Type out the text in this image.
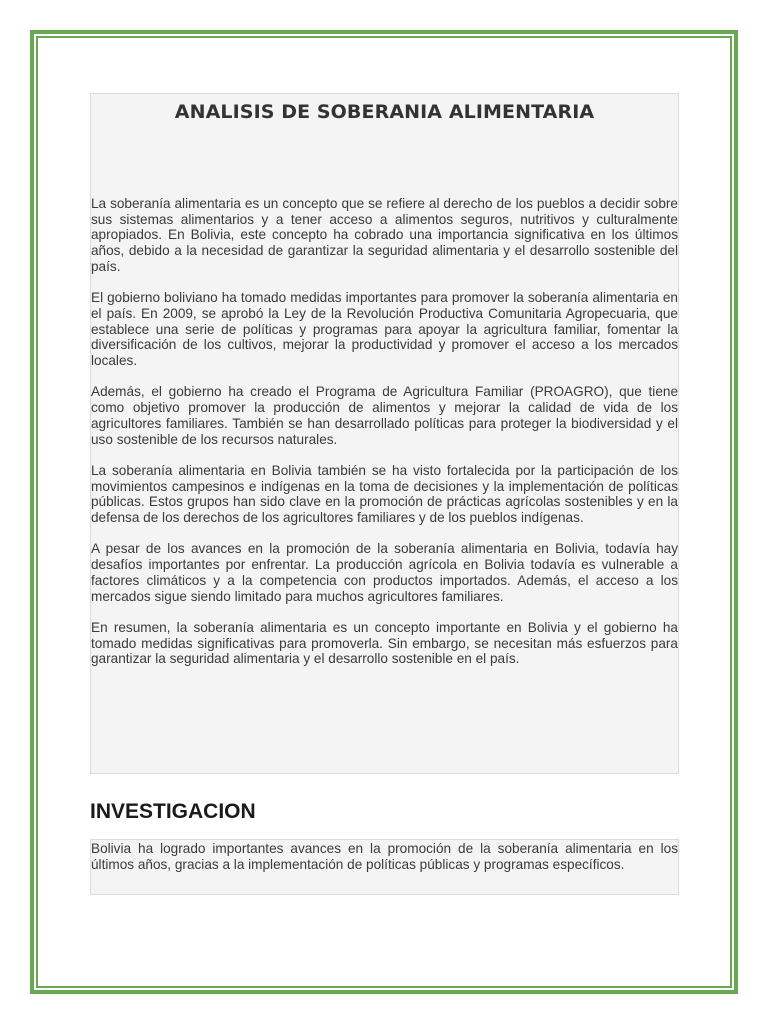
ANALISIS DE SOBERANIA ALIMENTARIA

La soberanía alimentaria es un concepto que se refiere al derecho de los pueblos a decidir sobre sus sistemas alimentarios y a tener acceso a alimentos seguros, nutritivos y culturalmente apropiados. En Bolivia, este concepto ha cobrado una importancia significativa en los últimos años, debido a la necesidad de garantizar la seguridad alimentaria y el desarrollo sostenible del país.

El gobierno boliviano ha tomado medidas importantes para promover la soberanía alimentaria en el país. En 2009, se aprobó la Ley de la Revolución Productiva Comunitaria Agropecuaria, que establece una serie de políticas y programas para apoyar la agricultura familiar, fomentar la diversificación de los cultivos, mejorar la productividad y promover el acceso a los mercados locales.

Además, el gobierno ha creado el Programa de Agricultura Familiar (PROAGRO), que tiene como objetivo promover la producción de alimentos y mejorar la calidad de vida de los agricultores familiares. También se han desarrollado políticas para proteger la biodiversidad y el uso sostenible de los recursos naturales.

La soberanía alimentaria en Bolivia también se ha visto fortalecida por la participación de los movimientos campesinos e indígenas en la toma de decisiones y la implementación de políticas públicas. Estos grupos han sido clave en la promoción de prácticas agrícolas sostenibles y en la defensa de los derechos de los agricultores familiares y de los pueblos indígenas.

A pesar de los avances en la promoción de la soberanía alimentaria en Bolivia, todavía hay desafíos importantes por enfrentar. La producción agrícola en Bolivia todavía es vulnerable a factores climáticos y a la competencia con productos importados. Además, el acceso a los mercados sigue siendo limitado para muchos agricultores familiares.

En resumen, la soberanía alimentaria es un concepto importante en Bolivia y el gobierno ha tomado medidas significativas para promoverla. Sin embargo, se necesitan más esfuerzos para garantizar la seguridad alimentaria y el desarrollo sostenible en el país.

INVESTIGACION

Bolivia ha logrado importantes avances en la promoción de la soberanía alimentaria en los últimos años, gracias a la implementación de políticas públicas y programas específicos.
